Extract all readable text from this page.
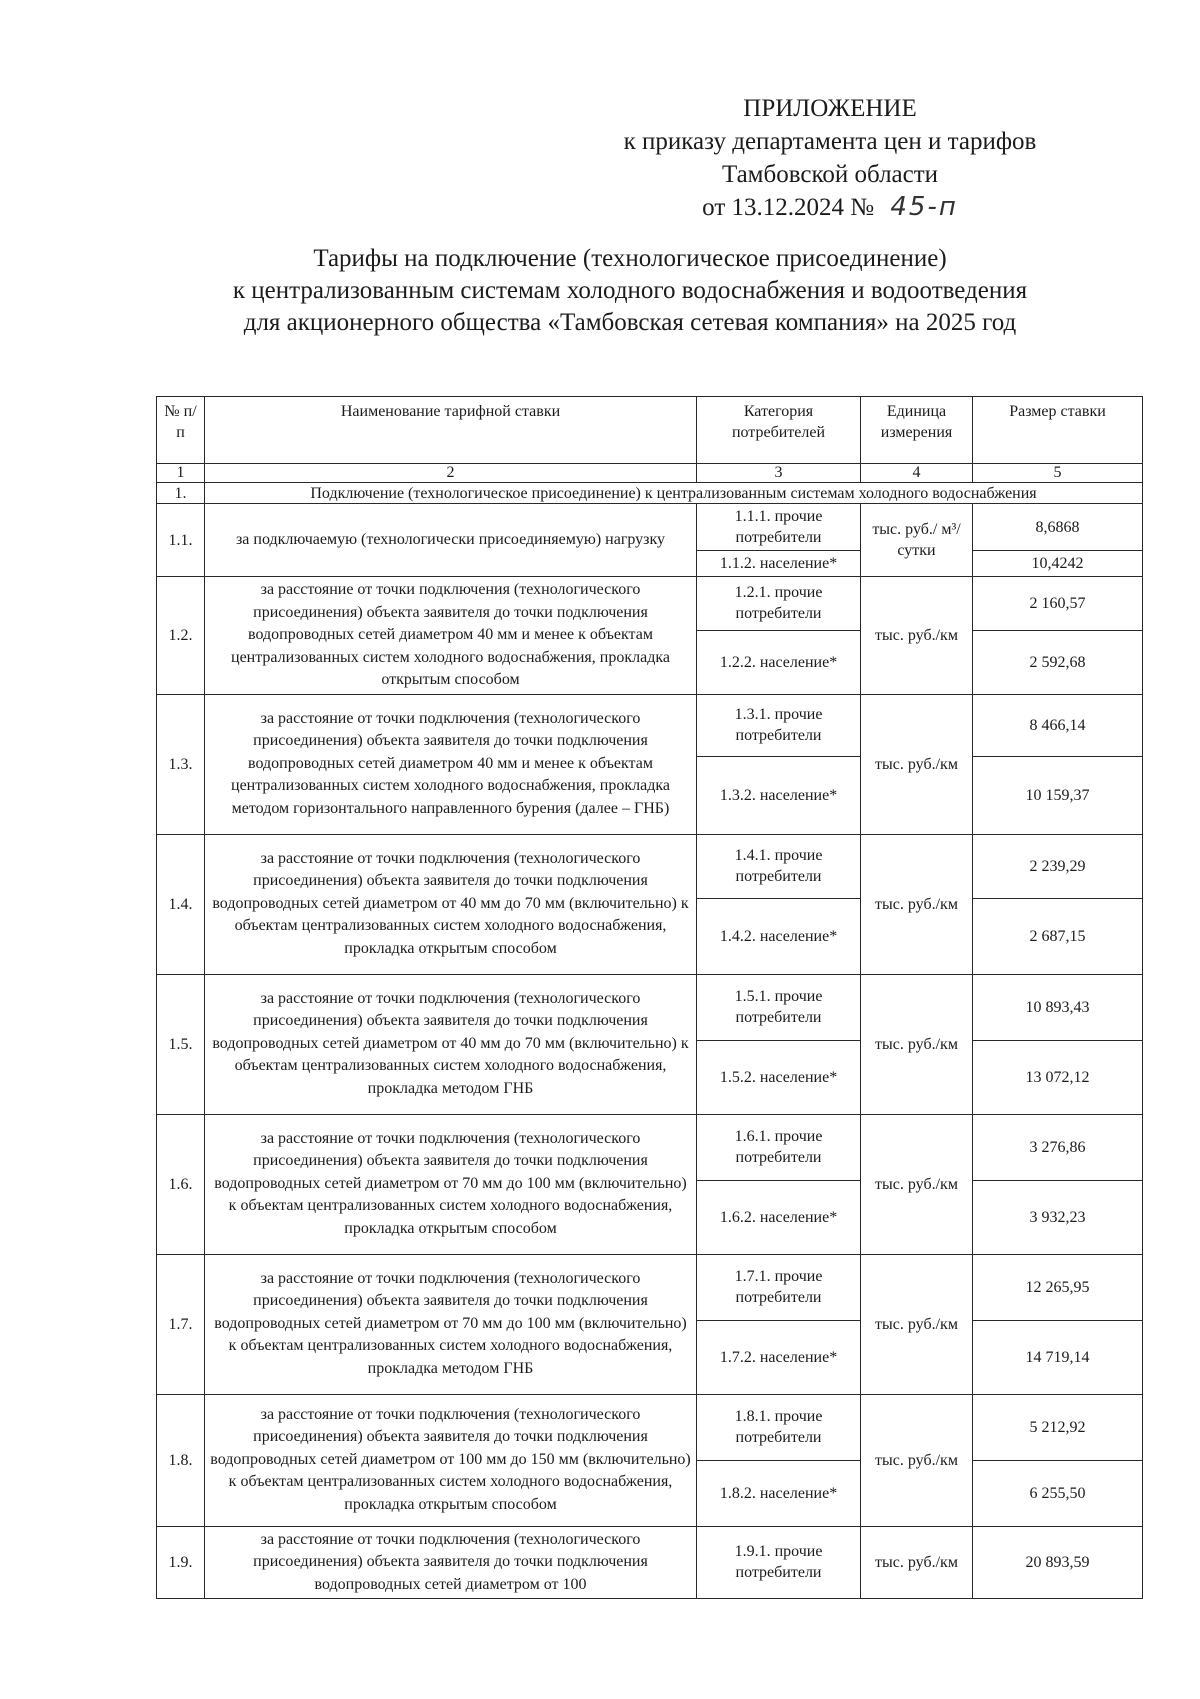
ПРИЛОЖЕНИЕ
к приказу департамента цен и тарифов
Тамбовской области
от 13.12.2024 № 45-п
Тарифы на подключение (технологическое присоединение)
к централизованным системам холодного водоснабжения и водоотведения
для акционерного общества «Тамбовская сетевая компания» на 2025 год
№ п/п	Наименование тарифной ставки	Категория потребителей	Единица измерения	Размер ставки
1	2	3	4	5
1.	Подключение (технологическое присоединение) к централизованным системам холодного водоснабжения			
1.1.	за подключаемую (технологически присоединяемую) нагрузку	1.1.1. прочие потребители	тыс. руб./ м³/сутки	8,6868
		1.1.2. население*		10,4242
1.2.	за расстояние от точки подключения (технологического присоединения) объекта заявителя до точки подключения водопроводных сетей диаметром 40 мм и менее к объектам централизованных систем холодного водоснабжения, прокладка открытым способом	1.2.1. прочие потребители	тыс. руб./км	2 160,57
		1.2.2. население*		2 592,68
1.3.	за расстояние от точки подключения (технологического присоединения) объекта заявителя до точки подключения водопроводных сетей диаметром 40 мм и менее к объектам централизованных систем холодного водоснабжения, прокладка методом горизонтального направленного бурения (далее – ГНБ)	1.3.1. прочие потребители	тыс. руб./км	8 466,14
		1.3.2. население*		10 159,37
1.4.	за расстояние от точки подключения (технологического присоединения) объекта заявителя до точки подключения водопроводных сетей диаметром от 40 мм до 70 мм (включительно) к объектам централизованных систем холодного водоснабжения, прокладка открытым способом	1.4.1. прочие потребители	тыс. руб./км	2 239,29
		1.4.2. население*		2 687,15
1.5.	за расстояние от точки подключения (технологического присоединения) объекта заявителя до точки подключения водопроводных сетей диаметром от 40 мм до 70 мм (включительно) к объектам централизованных систем холодного водоснабжения, прокладка методом ГНБ	1.5.1. прочие потребители	тыс. руб./км	10 893,43
		1.5.2. население*		13 072,12
1.6.	за расстояние от точки подключения (технологического присоединения) объекта заявителя до точки подключения водопроводных сетей диаметром от 70 мм до 100 мм (включительно) к объектам централизованных систем холодного водоснабжения, прокладка открытым способом	1.6.1. прочие потребители	тыс. руб./км	3 276,86
		1.6.2. население*		3 932,23
1.7.	за расстояние от точки подключения (технологического присоединения) объекта заявителя до точки подключения водопроводных сетей диаметром от 70 мм до 100 мм (включительно) к объектам централизованных систем холодного водоснабжения, прокладка методом ГНБ	1.7.1. прочие потребители	тыс. руб./км	12 265,95
		1.7.2. население*		14 719,14
1.8.	за расстояние от точки подключения (технологического присоединения) объекта заявителя до точки подключения водопроводных сетей диаметром от 100 мм до 150 мм (включительно) к объектам централизованных систем холодного водоснабжения, прокладка открытым способом	1.8.1. прочие потребители	тыс. руб./км	5 212,92
		1.8.2. население*		6 255,50
1.9.	за расстояние от точки подключения (технологического присоединения) объекта заявителя до точки подключения водопроводных сетей диаметром от 100	1.9.1. прочие потребители	тыс. руб./км	20 893,59
